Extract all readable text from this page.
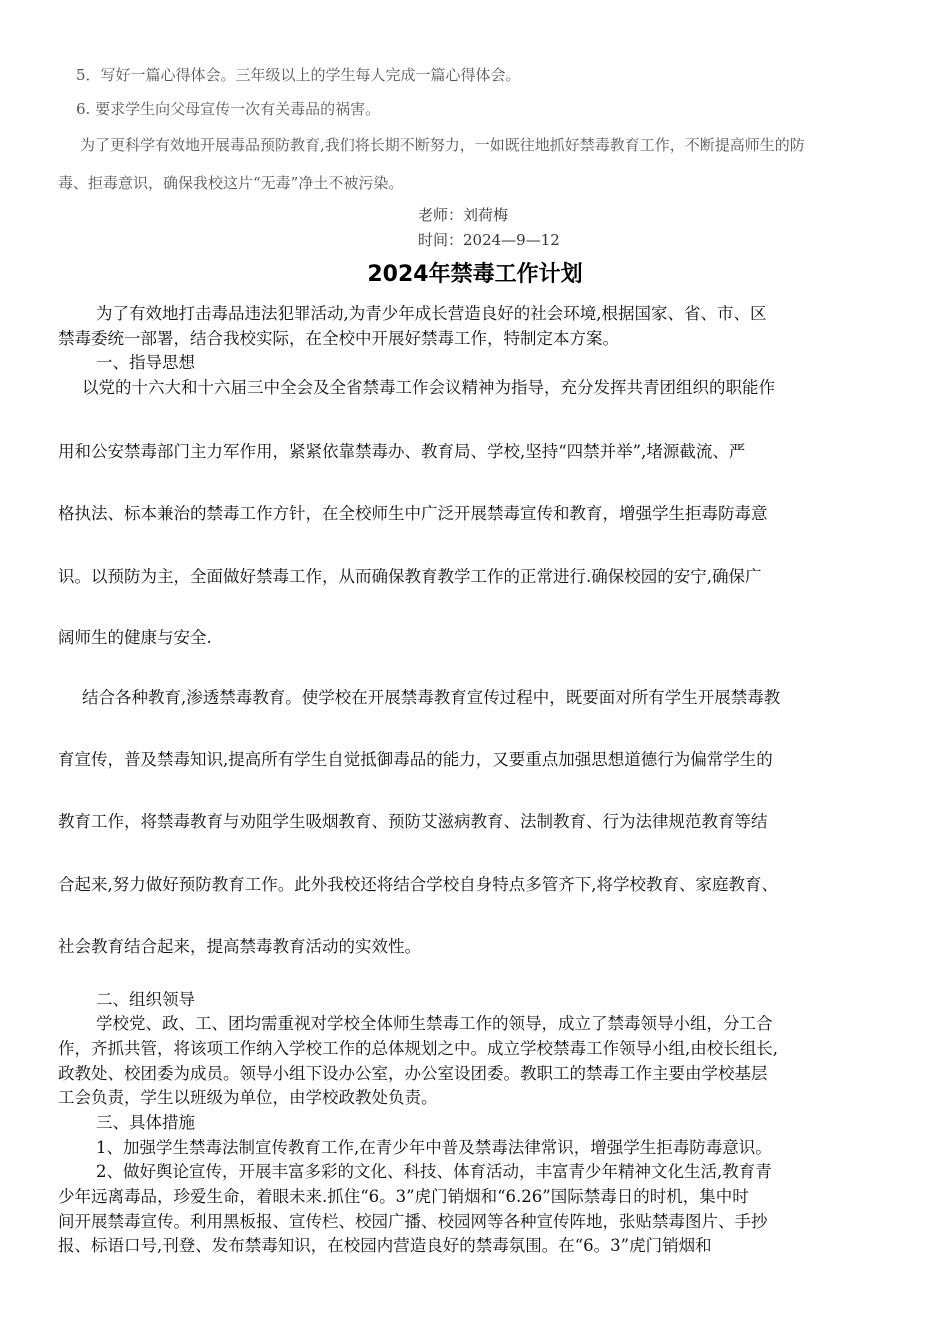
5．写好一篇心得体会。三年级以上的学生每人完成一篇心得体会。
6. 要求学生向父母宣传一次有关毒品的祸害。
为了更科学有效地开展毒品预防教育,我们将长期不断努力，一如既往地抓好禁毒教育工作，不断提高师生的防
毒、拒毒意识，确保我校这片“无毒”净土不被污染。
老师：刘荷梅
时间：2024—9—12
2024年禁毒工作计划
为了有效地打击毒品违法犯罪活动,为青少年成长营造良好的社会环境,根据国家、省、市、区
禁毒委统一部署，结合我校实际，在全校中开展好禁毒工作，特制定本方案。
一、指导思想
以党的十六大和十六届三中全会及全省禁毒工作会议精神为指导，充分发挥共青团组织的职能作
用和公安禁毒部门主力军作用，紧紧依靠禁毒办、教育局、学校,坚持“四禁并举”,堵源截流、严
格执法、标本兼治的禁毒工作方针，在全校师生中广泛开展禁毒宣传和教育，增强学生拒毒防毒意
识。以预防为主，全面做好禁毒工作，从而确保教育教学工作的正常进行.确保校园的安宁,确保广
阔师生的健康与安全.
结合各种教育,渗透禁毒教育。使学校在开展禁毒教育宣传过程中，既要面对所有学生开展禁毒教
育宣传，普及禁毒知识,提高所有学生自觉抵御毒品的能力，又要重点加强思想道德行为偏常学生的
教育工作，将禁毒教育与劝阻学生吸烟教育、预防艾滋病教育、法制教育、行为法律规范教育等结
合起来,努力做好预防教育工作。此外我校还将结合学校自身特点多管齐下,将学校教育、家庭教育、
社会教育结合起来，提高禁毒教育活动的实效性。
二、组织领导
学校党、政、工、团均需重视对学校全体师生禁毒工作的领导，成立了禁毒领导小组，分工合
作，齐抓共管，将该项工作纳入学校工作的总体规划之中。成立学校禁毒工作领导小组,由校长组长,
政教处、校团委为成员。领导小组下设办公室，办公室设团委。教职工的禁毒工作主要由学校基层
工会负责，学生以班级为单位，由学校政教处负责。
三、具体措施
1、加强学生禁毒法制宣传教育工作,在青少年中普及禁毒法律常识，增强学生拒毒防毒意识。
2、做好舆论宣传，开展丰富多彩的文化、科技、体育活动，丰富青少年精神文化生活,教育青
少年远离毒品，珍爱生命，着眼未来.抓住“6。3”虎门销烟和“6.26”国际禁毒日的时机，集中时
间开展禁毒宣传。利用黑板报、宣传栏、校园广播、校园网等各种宣传阵地，张贴禁毒图片、手抄
报、标语口号,刊登、发布禁毒知识，在校园内营造良好的禁毒氛围。在“6。3”虎门销烟和
